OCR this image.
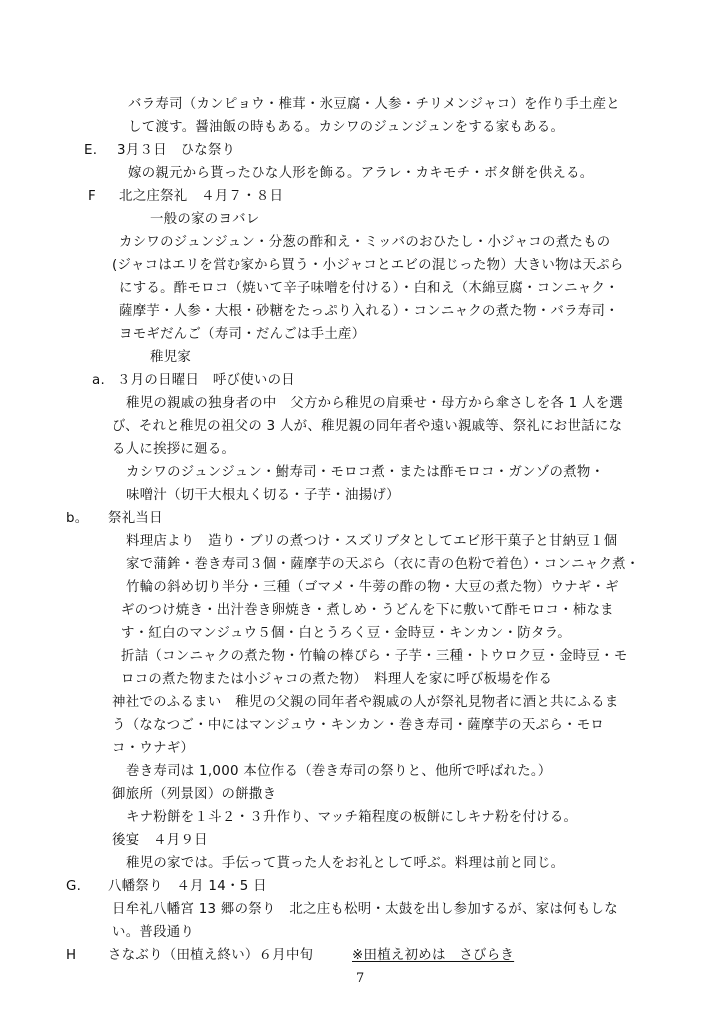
バラ寿司（カンピョウ・椎茸・氷豆腐・人参・チリメンジャコ）を作り手土産と
して渡す。醤油飯の時もある。カシワのジュンジュンをする家もある。
E. 3月３日　ひな祭り
嫁の親元から貰ったひな人形を飾る。アラレ・カキモチ・ボタ餅を供える。
F 北之庄祭礼　４月７・８日
一般の家のヨバレ
カシワのジュンジュン・分葱の酢和え・ミッバのおひたし・小ジャコの煮たもの
(ジャコはエリを営む家から買う・小ジャコとエビの混じった物）大きい物は天ぷら
にする。酢モロコ（焼いて辛子味噌を付ける）・白和え（木綿豆腐・コンニャク・
薩摩芋・人参・大根・砂糖をたっぷり入れる）・コンニャクの煮た物・バラ寿司・
ヨモギだんご（寿司・だんごは手土産）
稚児家
a. ３月の日曜日　呼び使いの日
稚児の親戚の独身者の中　父方から稚児の肩乗せ・母方から傘さしを各 1 人を選
び、それと稚児の祖父の 3 人が、稚児親の同年者や遠い親戚等、祭礼にお世話にな
る人に挨拶に廻る。
カシワのジュンジュン・鮒寿司・モロコ煮・または酢モロコ・ガンゾの煮物・
味噌汁（切干大根丸く切る・子芋・油揚げ）
b。 祭礼当日
料理店より　造り・ブリの煮つけ・スズリブタとしてエビ形干菓子と甘納豆１個
家で蒲鉾・巻き寿司３個・薩摩芋の天ぷら（衣に青の色粉で着色）・コンニャク煮・
竹輪の斜め切り半分・三種（ゴマメ・牛蒡の酢の物・大豆の煮た物）ウナギ・ギ
ギのつけ焼き・出汁巻き卵焼き・煮しめ・うどんを下に敷いて酢モロコ・柿なま
す・紅白のマンジュウ５個・白とうろく豆・金時豆・キンカン・防タラ。
折詰（コンニャクの煮た物・竹輪の棒ぴら・子芋・三種・トウロク豆・金時豆・モ
ロコの煮た物または小ジャコの煮た物）　料理人を家に呼び板場を作る
神社でのふるまい　稚児の父親の同年者や親戚の人が祭礼見物者に酒と共にふるま
う（ななつご・中にはマンジュウ・キンカン・巻き寿司・薩摩芋の天ぷら・モロ
コ・ウナギ）
巻き寿司は 1,000 本位作る（巻き寿司の祭りと、他所で呼ばれた。）
御旅所（列景図）の餅撒き
キナ粉餅を１斗２・３升作り、マッチ箱程度の板餅にしキナ粉を付ける。
後宴　４月９日
稚児の家では。手伝って貰った人をお礼として呼ぶ。料理は前と同じ。
G. 八幡祭り　４月 14・5 日
日牟礼八幡宮 13 郷の祭り　北之庄も松明・太鼓を出し参加するが、家は何もしな
い。普段通り
H さなぶり（田植え終い）６月中旬	※田植え初めは　さびらき
7
